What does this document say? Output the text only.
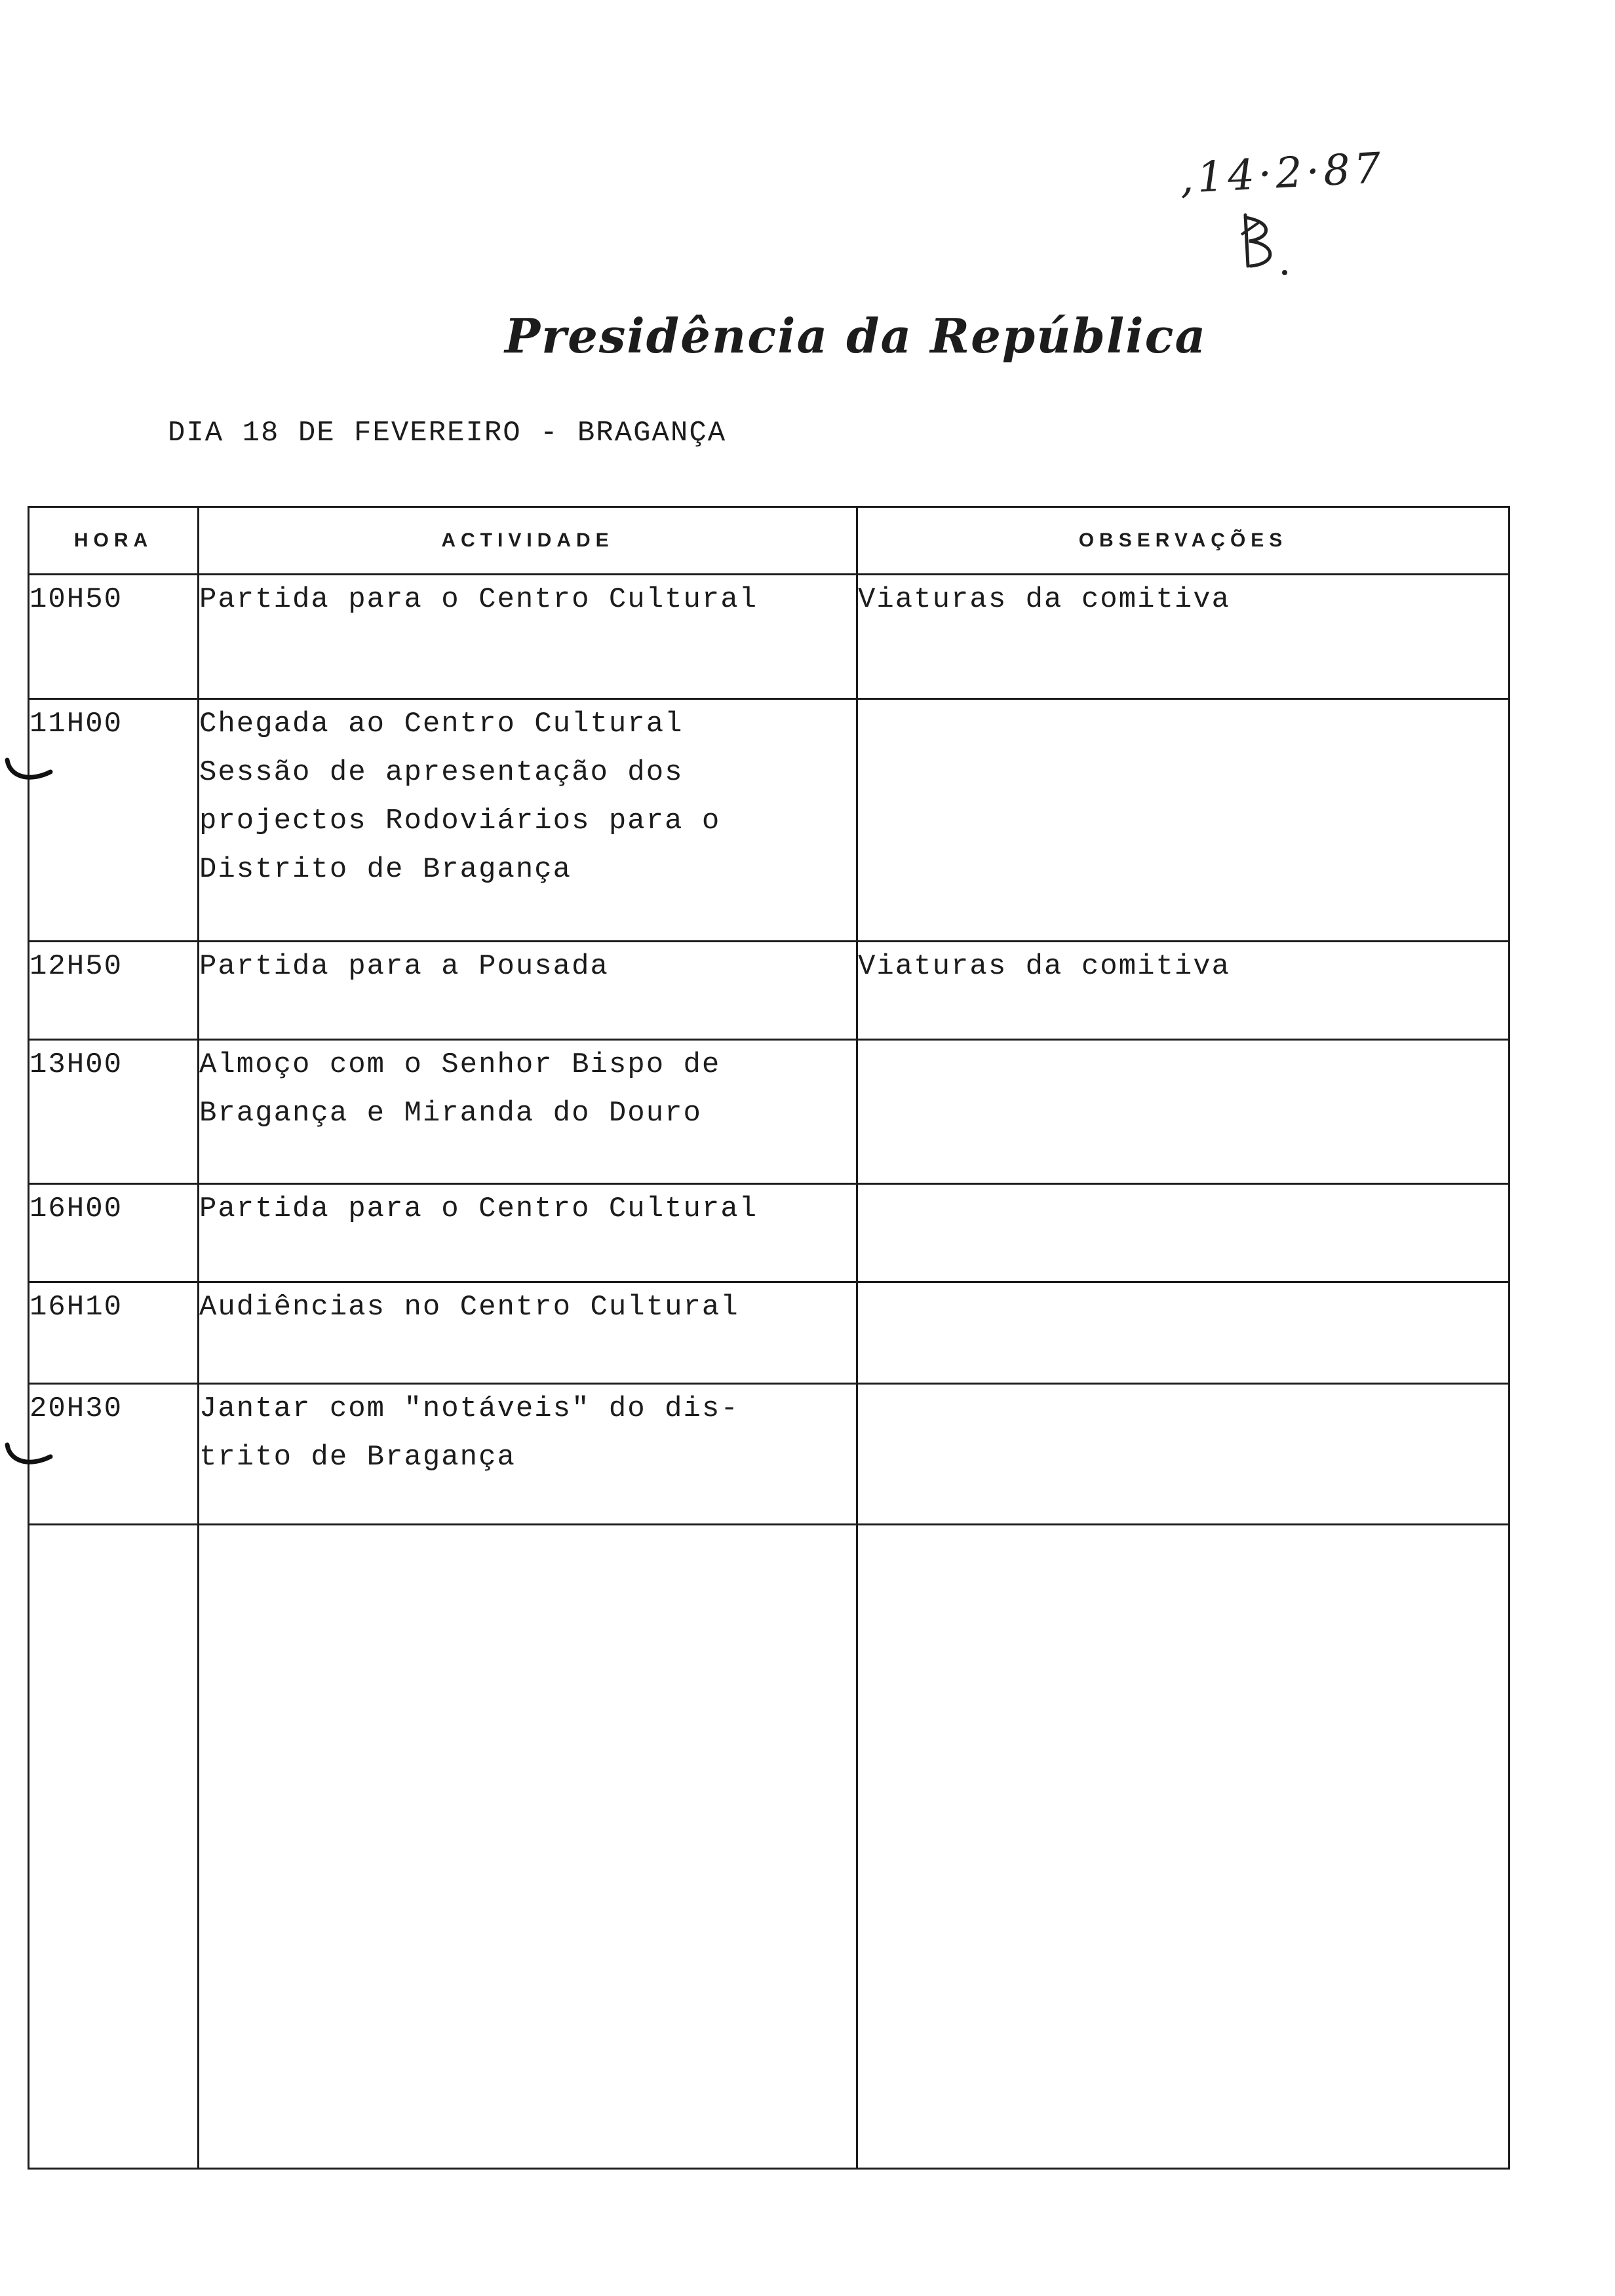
,14·2·87
Presidência da República
DIA 18 DE FEVEREIRO - BRAGANÇA
HORA	ACTIVIDADE	OBSERVAÇÕES
10H50	Partida para o Centro Cultural	Viaturas da comitiva
11H00	Chegada ao Centro Cultural
Sessão de apresentação dos
projectos Rodoviários para o
Distrito de Bragança	

12H50	Partida para a Pousada	Viaturas da comitiva
13H00	Almoço com o Senhor Bispo de
Bragança e Miranda do Douro	

16H00	Partida para o Centro Cultural	

16H10	Audiências no Centro Cultural	

20H30	Jantar com "notáveis" do dis-
trito de Bragança	
